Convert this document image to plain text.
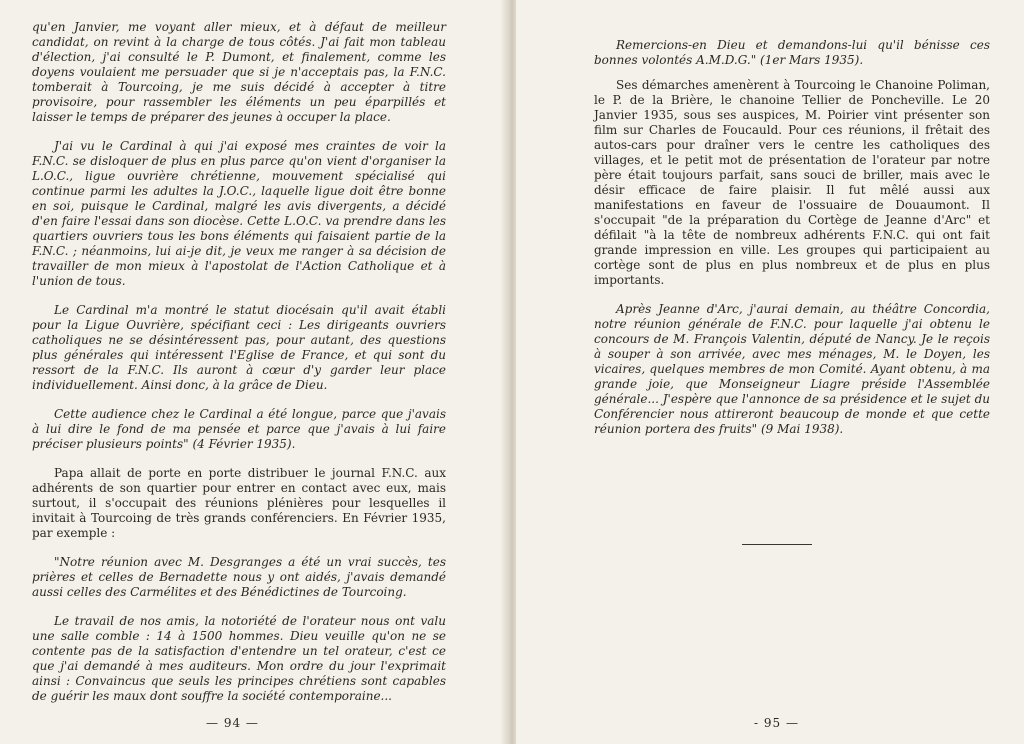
qu'en Janvier, me voyant aller mieux, et à défaut de meilleur candidat, on revint à la charge de tous côtés. J'ai fait mon tableau d'élection, j'ai consulté le P. Dumont, et finalement, comme les doyens voulaient me persuader que si je n'acceptais pas, la F.N.C. tomberait à Tourcoing, je me suis décidé à accepter à titre provisoire, pour rassembler les éléments un peu éparpillés et laisser le temps de préparer des jeunes à occuper la place.

J'ai vu le Cardinal à qui j'ai exposé mes craintes de voir la F.N.C. se disloquer de plus en plus parce qu'on vient d'organiser la L.O.C., ligue ouvrière chrétienne, mouvement spécialisé qui continue parmi les adultes la J.O.C., laquelle ligue doit être bonne en soi, puisque le Cardinal, malgré les avis divergents, a décidé d'en faire l'essai dans son diocèse. Cette L.O.C. va prendre dans les quartiers ouvriers tous les bons éléments qui faisaient partie de la F.N.C. ; néanmoins, lui ai-je dit, je veux me ranger à sa décision de travailler de mon mieux à l'apostolat de l'Action Catholique et à l'union de tous.

Le Cardinal m'a montré le statut diocésain qu'il avait établi pour la Ligue Ouvrière, spécifiant ceci : Les dirigeants ouvriers catholiques ne se désintéressent pas, pour autant, des questions plus générales qui intéressent l'Eglise de France, et qui sont du ressort de la F.N.C. Ils auront à cœur d'y garder leur place individuellement. Ainsi donc, à la grâce de Dieu.

Cette audience chez le Cardinal a été longue, parce que j'avais à lui dire le fond de ma pensée et parce que j'avais à lui faire préciser plusieurs points" (4 Février 1935).

Papa allait de porte en porte distribuer le journal F.N.C. aux adhérents de son quartier pour entrer en contact avec eux, mais surtout, il s'occupait des réunions plénières pour lesquelles il invitait à Tourcoing de très grands conférenciers. En Février 1935, par exemple :

"Notre réunion avec M. Desgranges a été un vrai succès, tes prières et celles de Bernadette nous y ont aidés, j'avais demandé aussi celles des Carmélites et des Bénédictines de Tourcoing.

Le travail de nos amis, la notoriété de l'orateur nous ont valu une salle comble : 14 à 1500 hommes. Dieu veuille qu'on ne se contente pas de la satisfaction d'entendre un tel orateur, c'est ce que j'ai demandé à mes auditeurs. Mon ordre du jour l'exprimait ainsi : Convaincus que seuls les principes chrétiens sont capables de guérir les maux dont souffre la société contemporaine...

— 94 —

Remercions-en Dieu et demandons-lui qu'il bénisse ces bonnes volontés A.M.D.G." (1er Mars 1935).

Ses démarches amenèrent à Tourcoing le Chanoine Poliman, le P. de la Brière, le chanoine Tellier de Poncheville. Le 20 Janvier 1935, sous ses auspices, M. Poirier vint présenter son film sur Charles de Foucauld. Pour ces réunions, il frêtait des autos-cars pour draîner vers le centre les catholiques des villages, et le petit mot de présentation de l'orateur par notre père était toujours parfait, sans souci de briller, mais avec le désir efficace de faire plaisir. Il fut mêlé aussi aux manifestations en faveur de l'ossuaire de Douaumont. Il s'occupait "de la préparation du Cortège de Jeanne d'Arc" et défilait "à la tête de nombreux adhérents F.N.C. qui ont fait grande impression en ville. Les groupes qui participaient au cortège sont de plus en plus nombreux et de plus en plus importants.

Après Jeanne d'Arc, j'aurai demain, au théâtre Concordia, notre réunion générale de F.N.C. pour laquelle j'ai obtenu le concours de M. François Valentin, député de Nancy. Je le reçois à souper à son arrivée, avec mes ménages, M. le Doyen, les vicaires, quelques membres de mon Comité. Ayant obtenu, à ma grande joie, que Monseigneur Liagre préside l'Assemblée générale... J'espère que l'annonce de sa présidence et le sujet du Conférencier nous attireront beaucoup de monde et que cette réunion portera des fruits" (9 Mai 1938).

- 95 —
